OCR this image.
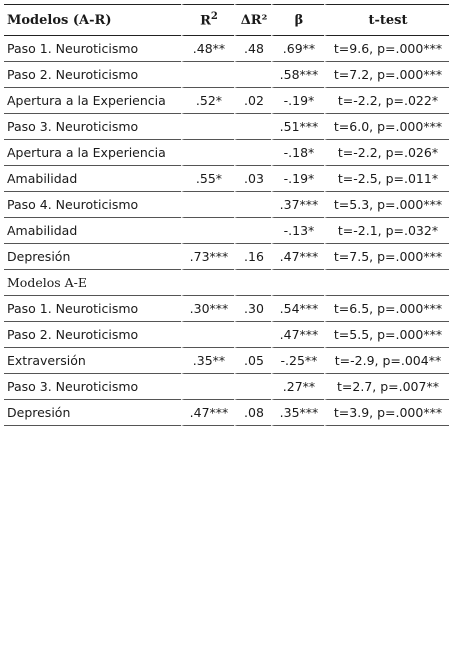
Modelos (A-R)	$R^2$	ΔR²	β	t-test
Paso 1. Neuroticismo	.48**	.48	.69**	t=9.6, p=.000***
Paso 2. Neuroticismo			.58***	t=7.2, p=.000***
Apertura a la Experiencia	.52*	.02	-.19*	t=-2.2, p=.022*
Paso 3. Neuroticismo			.51***	t=6.0, p=.000***
Apertura a la Experiencia			-.18*	t=-2.2, p=.026*
Amabilidad	.55*	.03	-.19*	t=-2.5, p=.011*
Paso 4. Neuroticismo			.37***	t=5.3, p=.000***
Amabilidad			-.13*	t=-2.1, p=.032*
Depresión	.73***	.16	.47***	t=7.5, p=.000***
Modelos A-E				
Paso 1. Neuroticismo	.30***	.30	.54***	t=6.5, p=.000***
Paso 2. Neuroticismo			.47***	t=5.5, p=.000***
Extraversión	.35**	.05	-.25**	t=-2.9, p=.004**
Paso 3. Neuroticismo			.27**	t=2.7, p=.007**
Depresión	.47***	.08	.35***	t=3.9, p=.000***
